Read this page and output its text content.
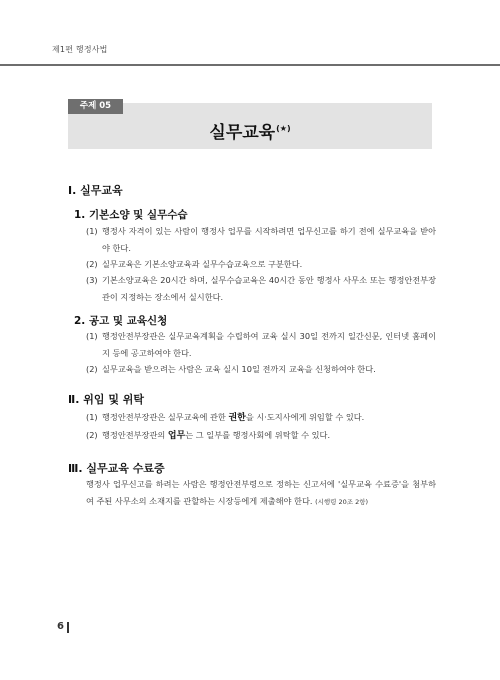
제1편 행정사법
주제 05
실무교육(★)
Ⅰ. 실무교육
1. 기본소양 및 실무수습
(1) 행정사 자격이 있는 사람이 행정사 업무를 시작하려면 업무신고를 하기 전에 실무교육을 받아야 한다.
(2) 실무교육은 기본소양교육과 실무수습교육으로 구분한다.
(3) 기본소양교육은 20시간 하며, 실무수습교육은 40시간 동안 행정사 사무소 또는 행정안전부장관이 지정하는 장소에서 실시한다.
2. 공고 및 교육신청
(1) 행정안전부장관은 실무교육계획을 수립하여 교육 실시 30일 전까지 일간신문, 인터넷 홈페이지 등에 공고하여야 한다.
(2) 실무교육을 받으려는 사람은 교육 실시 10일 전까지 교육을 신청하여야 한다.
Ⅱ. 위임 및 위탁
(1) 행정안전부장관은 실무교육에 관한 권한을 시·도지사에게 위임할 수 있다.
(2) 행정안전부장관의 업무는 그 일부를 행정사회에 위탁할 수 있다.
Ⅲ. 실무교육 수료증
행정사 업무신고를 하려는 사람은 행정안전부령으로 정하는 신고서에 '실무교육 수료증'을 첨부하여 주된 사무소의 소재지를 관할하는 시장등에게 제출해야 한다. (시행령 20조 2항)
6
